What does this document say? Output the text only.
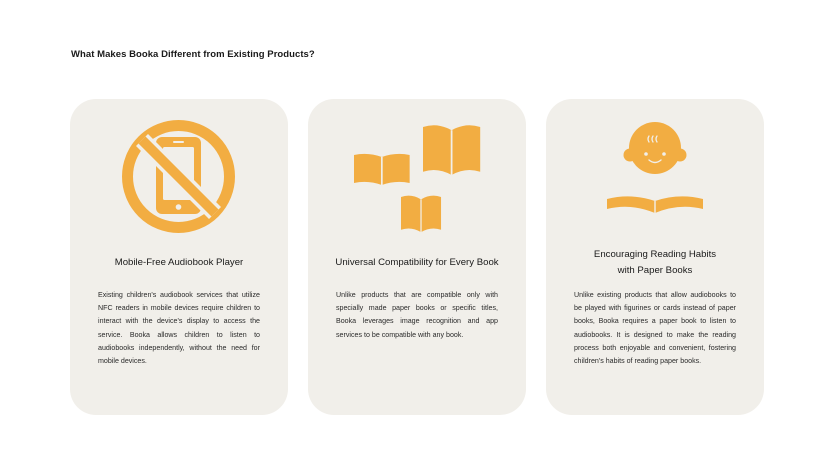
What Makes Booka Different from Existing Products?
Mobile-Free Audiobook Player
Existing children's audiobook services that utilize NFC readers in mobile devices require children to interact with the device's display to access the service. Booka allows children to listen to audiobooks independently, without the need for mobile devices.
Universal Compatibility for Every Book
Unlike products that are compatible only with specially made paper books or specific titles, Booka leverages image recognition and app services to be compatible with any book.
Encouraging Reading Habits
with Paper Books
Unlike existing products that allow audiobooks to be played with figurines or cards instead of paper books, Booka requires a paper book to listen to audiobooks. It is designed to make the reading process both enjoyable and convenient, fostering children's habits of reading paper books.
